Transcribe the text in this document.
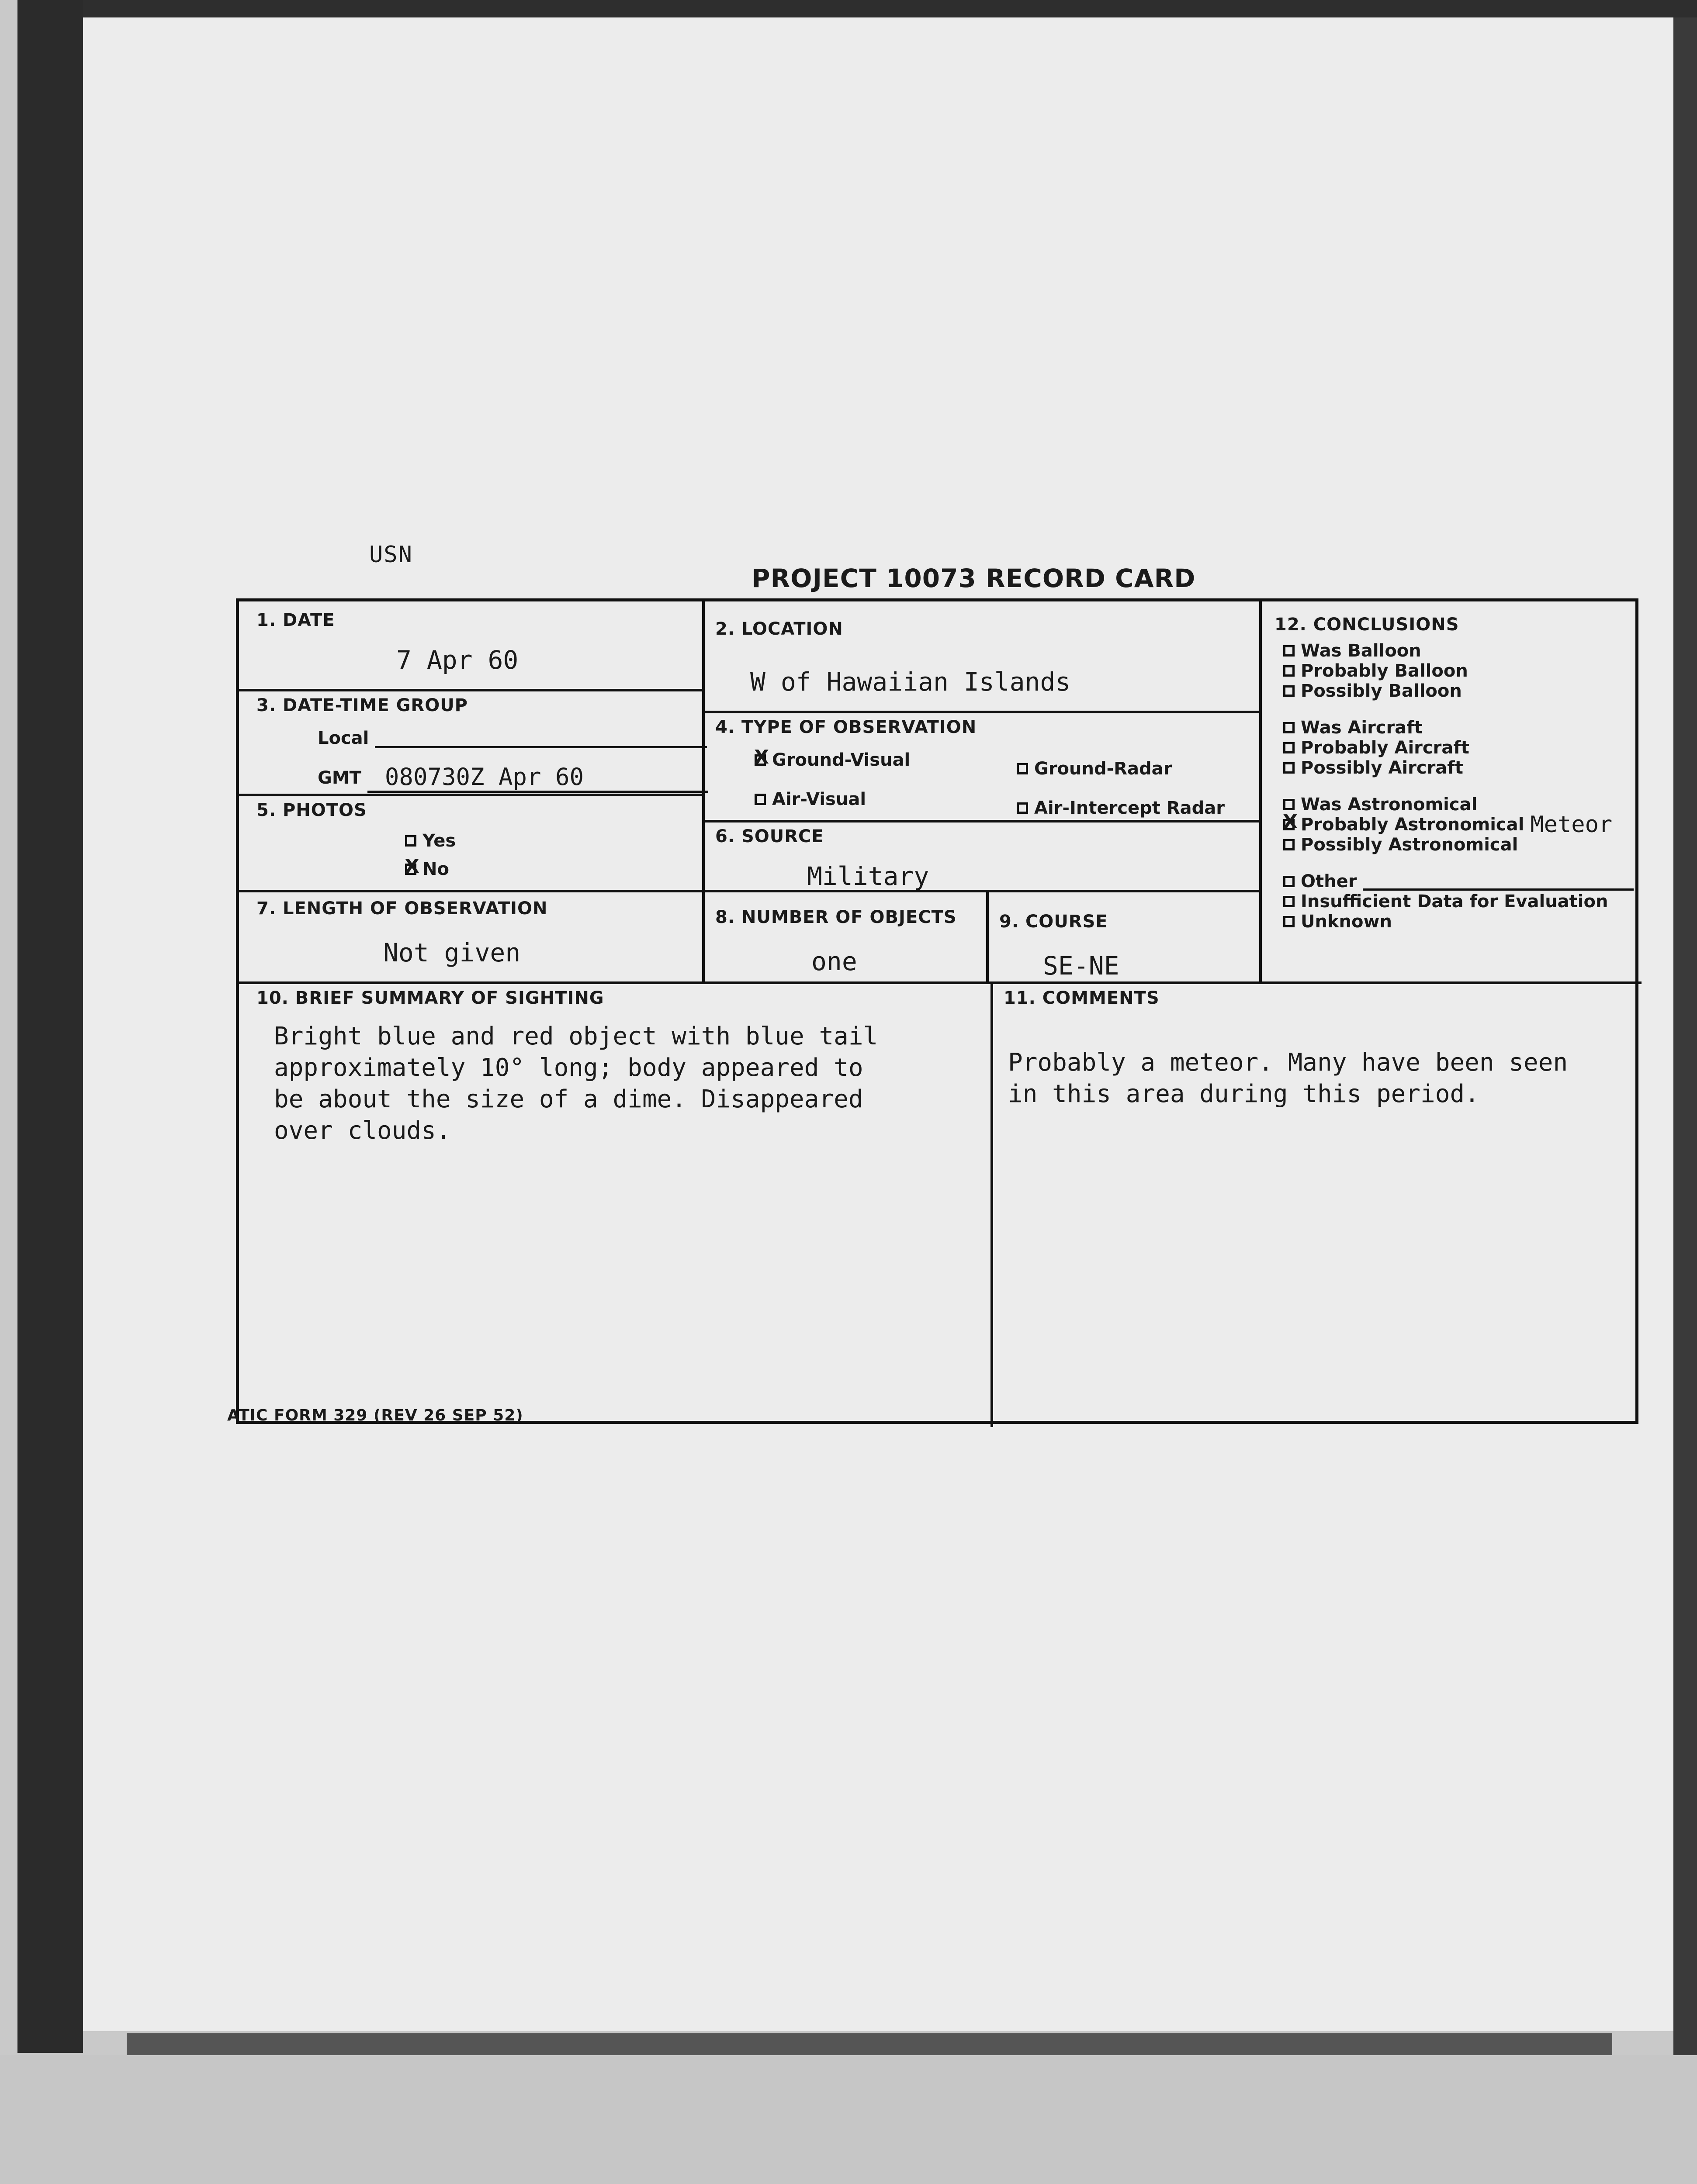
USN
PROJECT 10073 RECORD CARD
1. DATE
7 Apr 60
2. LOCATION
W of Hawaiian Islands
3. DATE-TIME GROUP
Local
GMT	080730Z Apr 60
4. TYPE OF OBSERVATION
X
Ground-Visual	Ground-Radar
Air-Visual	Air-Intercept Radar
5. PHOTOS
Yes
X
No
6. SOURCE
Military
7. LENGTH OF OBSERVATION
Not given
8. NUMBER OF OBJECTS
one
9. COURSE
SE-NE
12. CONCLUSIONS
Was Balloon
Probably Balloon
Possibly Balloon
Was Aircraft
Probably Aircraft
Possibly Aircraft
Was Astronomical
X
Probably Astronomical Meteor
Possibly Astronomical
Other
Insufficient Data for Evaluation
Unknown
10. BRIEF SUMMARY OF SIGHTING
Bright blue and red object with blue tail
approximately 10° long; body appeared to
be about the size of a dime. Disappeared
over clouds.
11. COMMENTS
Probably a meteor. Many have been seen
in this area during this period.
ATIC FORM 329 (REV 26 SEP 52)
